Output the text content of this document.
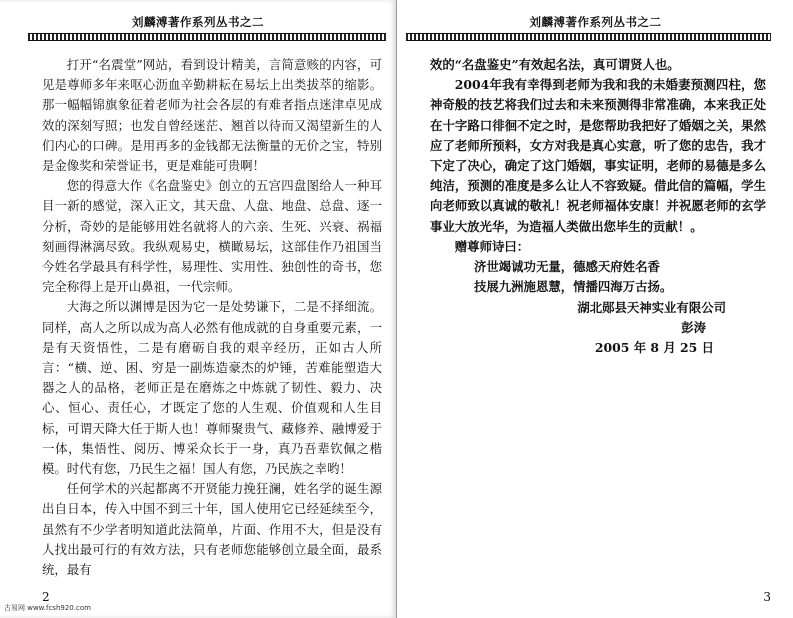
刘麟溥著作系列丛书之二

打开“名震堂”网站，看到设计精美，言简意赅的内容，可见是尊师多年来呕心沥血辛勤耕耘在易坛上出类拔萃的缩影。那一幅幅锦旗象征着老师为社会各层的有难者指点迷津卓见成效的深刻写照；也发自曾经迷茫、翘首以待而又渴望新生的人们内心的口碑。是用再多的金钱都无法衡量的无价之宝，特别是金像奖和荣誉证书，更是难能可贵啊！

您的得意大作《名盘鉴史》创立的五宫四盘图给人一种耳目一新的感觉，深入正文，其天盘、人盘、地盘、总盘、逐一分析，奇妙的是能够用姓名就将人的六亲、生死、兴衰、祸福刻画得淋漓尽致。我纵观易史，横瞰易坛，这部佳作乃祖国当今姓名学最具有科学性，易理性、实用性、独创性的奇书，您完全称得上是开山鼻祖，一代宗师。

大海之所以渊博是因为它一是处势谦下，二是不择细流。同样，高人之所以成为高人必然有他成就的自身重要元素，一是有天资悟性，二是有磨砺自我的艰辛经历，正如古人所言：“横、逆、困、穷是一副炼造豪杰的炉锤，苦难能塑造大器之人的品格，老师正是在磨炼之中炼就了韧性、毅力、决心、恒心、责任心，才既定了您的人生观、价值观和人生目标，可谓天降大任于斯人也！尊师聚贵气、藏修养、融博爱于一体，集悟性、阅历、博采众长于一身，真乃吾辈钦佩之楷模。时代有您，乃民生之福！国人有您，乃民族之幸哟！

任何学术的兴起都离不开贤能力挽狂澜，姓名学的诞生源出自日本，传入中国不到三十年，国人使用它已经延续至今，虽然有不少学者明知道此法简单，片面、作用不大，但是没有人找出最可行的有效方法，只有老师您能够创立最全面，最系统，最有

2
古易网 www.fcsh920.com
刘麟溥著作系列丛书之二

效的“名盘鉴史”有效起名法，真可谓贤人也。

2004年我有幸得到老师为我和我的未婚妻预测四柱，您神奇般的技艺将我们过去和未来预测得非常准确，本来我正处在十字路口徘徊不定之时，是您帮助我把好了婚姻之关，果然应了老师所预料，女方对我是真心实意，听了您的忠告，我才下定了决心，确定了这门婚姻，事实证明，老师的易德是多么纯洁，预测的准度是多么让人不容致疑。借此信的篇幅，学生向老师致以真诚的敬礼！祝老师福体安康！并祝愿老师的玄学事业大放光华，为造福人类做出您毕生的贡献！。

赠尊师诗曰：

济世竭诚功无量，德感天府姓名香
技展九洲施恩慧，情播四海万古扬。
湖北郧县天神实业有限公司
彭涛
2005 年 8 月 25 日
3
